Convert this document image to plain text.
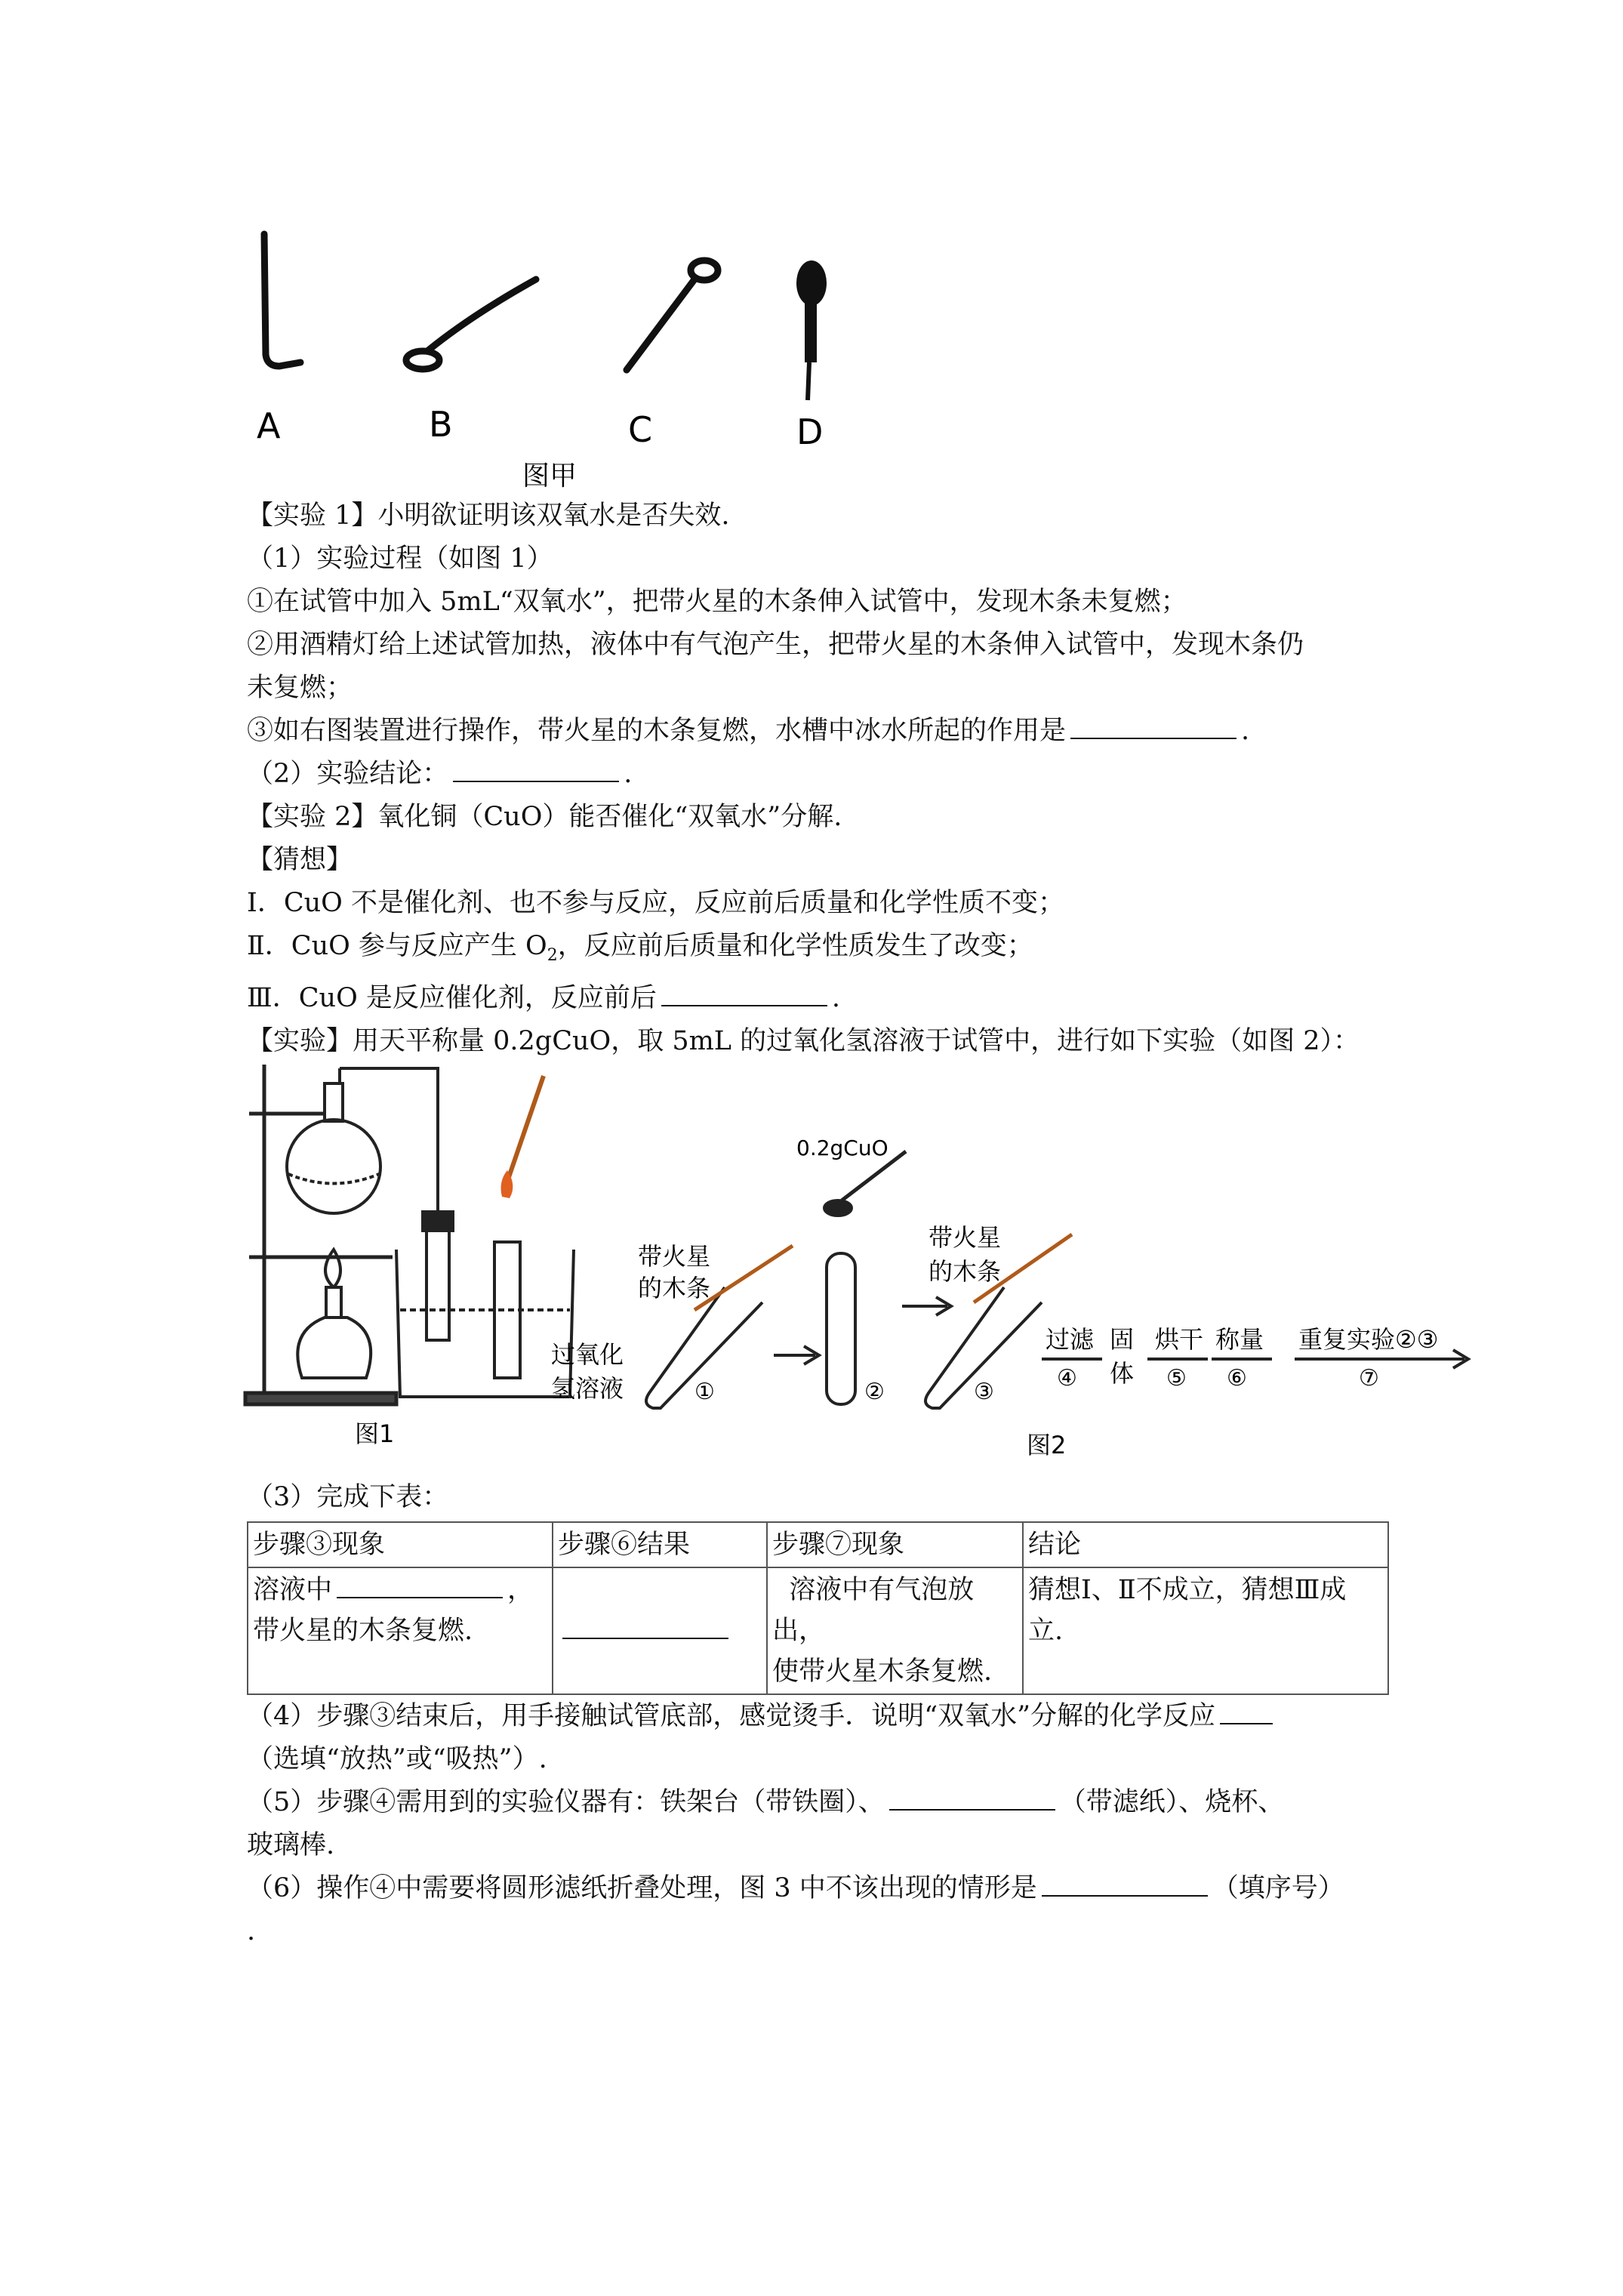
A	B	C	D
图甲

【实验 1】小明欲证明该双氧水是否失效.

（1）实验过程（如图 1）

①在试管中加入 5mL“双氧水”，把带火星的木条伸入试管中，发现木条未复燃；

②用酒精灯给上述试管加热，液体中有气泡产生，把带火星的木条伸入试管中，发现木条仍

未复燃；

③如右图装置进行操作，带火星的木条复燃，水槽中冰水所起的作用是	.

（2）实验结论：	.

【实验 2】氧化铜（CuO）能否催化“双氧水”分解.

【猜想】

Ⅰ．CuO 不是催化剂、也不参与反应，反应前后质量和化学性质不变；

Ⅱ．CuO 参与反应产生 $O_2$，反应前后质量和化学性质发生了改变；

Ⅲ．CuO 是反应催化剂，反应前后	.

【实验】用天平称量 0.2gCuO，取 5mL 的过氧化氢溶液于试管中，进行如下实验（如图 2）：

图1
带火星
的木条
过氧化
氢溶液	①
0.2gCuO
②
带火星
的木条
③
过滤
④
固
体
烘干
⑤
称量
⑥
重复实验②③
⑦
图2
（3）完成下表：
步骤③现象	步骤⑥结果	步骤⑦现象	结论
溶液中 ，
带火星的木条复燃.		溶液中有气泡放
出，
使带火星木条复燃.	猜想Ⅰ、Ⅱ不成立，猜想Ⅲ成
立.

（4）步骤③结束后，用手接触试管底部，感觉烫手．说明“双氧水”分解的化学反应

（选填“放热”或“吸热”）.

（5）步骤④需用到的实验仪器有：铁架台（带铁圈）、	（带滤纸）、烧杯、

玻璃棒.

（6）操作④中需要将圆形滤纸折叠处理，图 3 中不该出现的情形是	（填序号）

.
